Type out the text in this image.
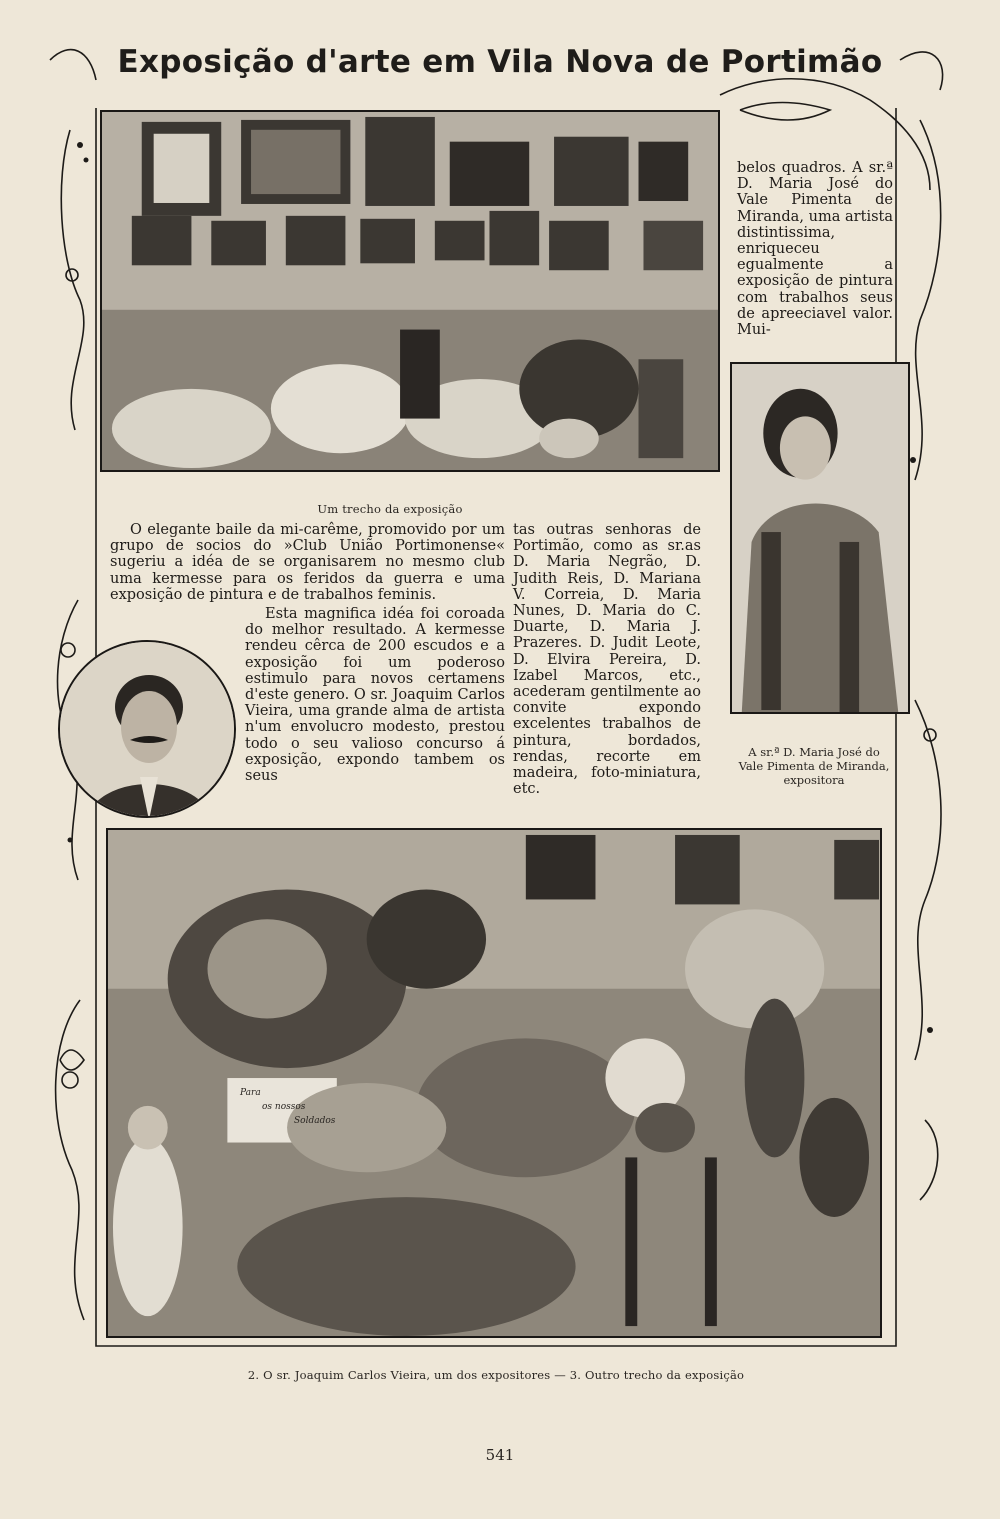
Exposição d'arte em Vila Nova de Portimão
Um trecho da exposição

belos quadros. A sr.ª D. Maria José do Vale Pimenta de Miranda, uma artista distintissima, enriqueceu egualmente a exposição de pintura com trabalhos seus de apreeciavel valor. Mui-

A sr.ª D. Maria José do
Vale Pimenta de Miranda,
expositora

O elegante baile da mi-carême, promovido por um grupo de socios do »Club União Portimonense« sugeriu a idéa de se organisarem no mesmo club uma kermesse para os feridos da guerra e uma exposição de pintura e de trabalhos feminis.

Esta magnifica idéa foi coroada do melhor resultado. A kermesse rendeu cêrca de 200 escudos e a exposição foi um poderoso estimulo para novos certamens d'este genero. O sr. Joaquim Carlos Vieira, uma grande alma de artista n'um envolucro modesto, prestou todo o seu valioso concurso á exposição, expondo tambem os seus

tas outras senhoras de Portimão, como as sr.as D. Maria Negrão, D. Judith Reis, D. Mariana V. Correia, D. Maria Nunes, D. Maria do C. Duarte, D. Maria J. Prazeres. D. Judit Leote, D. Elvira Pereira, D. Izabel Marcos, etc., acederam gentilmente ao convite expondo excelentes trabalhos de pintura, bordados, rendas, recorte em madeira, foto-miniatura, etc.

Para
os nossos
Soldados
2. O sr. Joaquim Carlos Vieira, um dos expositores — 3. Outro trecho da exposição
541
